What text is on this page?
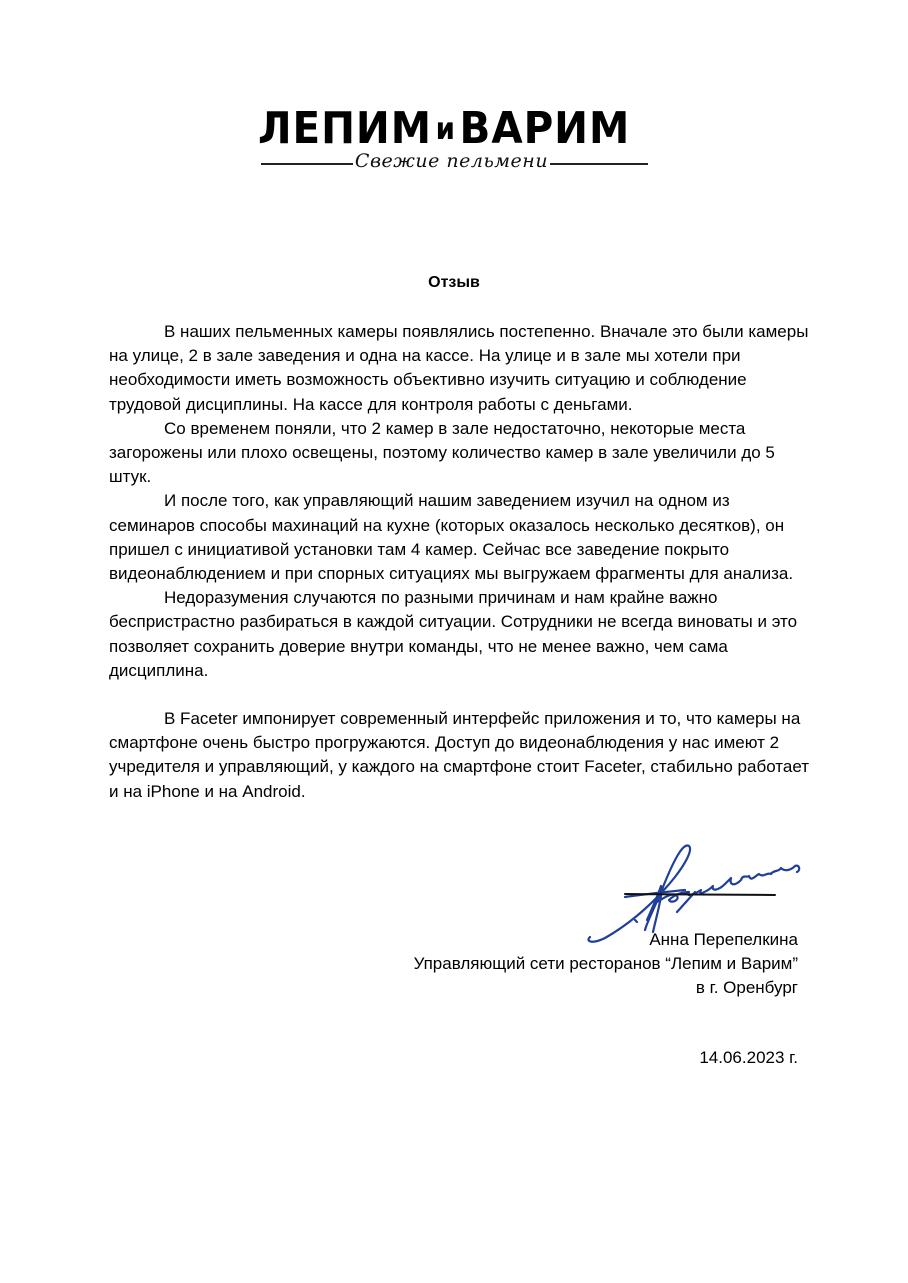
ЛЕПИМ иВАРИМ
Свежие пельмени
Отзыв

В наших пельменных камеры появлялись постепенно. Вначале это были камеры на улице, 2 в зале заведения и одна на кассе. На улице и в зале мы хотели при необходимости иметь возможность объективно изучить ситуацию и соблюдение трудовой дисциплины. На кассе для контроля работы с деньгами.

Со временем поняли, что 2 камер в зале недостаточно, некоторые места загорожены или плохо освещены, поэтому количество камер в зале увеличили до 5 штук.

И после того, как управляющий нашим заведением изучил на одном из семинаров способы махинаций на кухне (которых оказалось несколько десятков), он пришел с инициативой установки там 4 камер. Сейчас все заведение покрыто видеонаблюдением и при спорных ситуациях мы выгружаем фрагменты для анализа.

Недоразумения случаются по разными причинам и нам крайне важно беспристрастно разбираться в каждой ситуации. Сотрудники не всегда виноваты и это позволяет сохранить доверие внутри команды, что не менее важно, чем сама дисциплина.

В Faceter импонирует современный интерфейс приложения и то, что камеры на смартфоне очень быстро прогружаются. Доступ до видеонаблюдения у нас имеют 2 учредителя и управляющий, у каждого на смартфоне стоит Faceter, стабильно работает и на iPhone и на Android.

Анна Перепелкина
Управляющий сети ресторанов “Лепим и Варим”
в г. Оренбург
14.06.2023 г.
